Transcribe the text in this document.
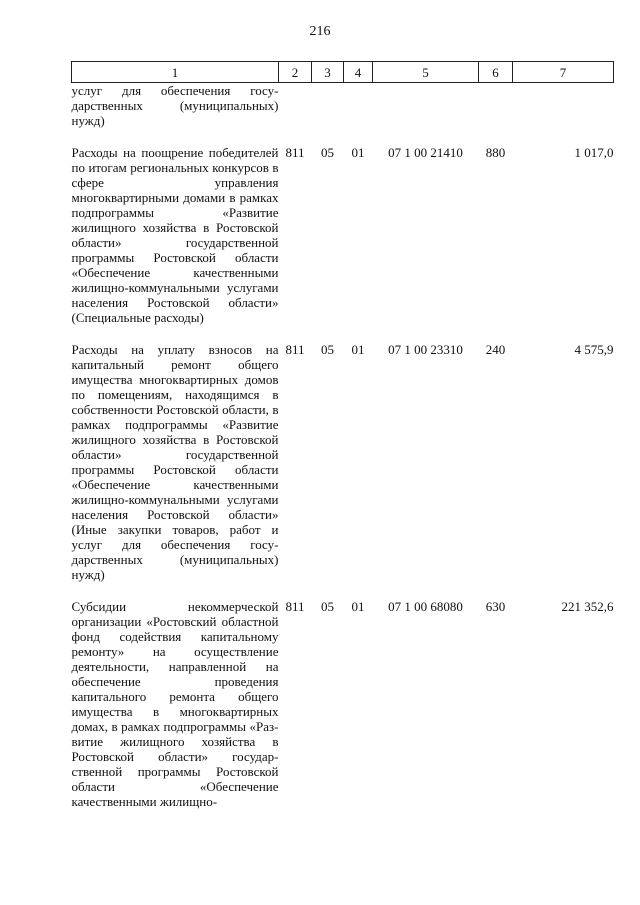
216
1	2	3	4	5	6	7
услуг для обеспечения государственных (муниципальных) нужд)						

Расходы на поощрение победителей по итогам региональных конкурсов в сфере управления многоквартирными домами в рамках подпрограммы «Развитие жилищного хозяйства в Ростовской области» государственной программы Ростовской области «Обеспечение качественными жилищно-коммунальными услугами населения Ростовской области» (Специальные расходы)	811	05	01	07 1 00 21410	880	1 017,0

Расходы на уплату взносов на капитальный ремонт общего имущества многоквартирных домов по помещениям, находящимся в собственности Ростовской области, в рамках подпрограммы «Развитие жилищного хозяйства в Ростовской области» государственной программы Ростовской области «Обеспечение качественными жилищно-коммунальными услугами населения Ростовской области» (Иные закупки товаров, работ и услуг для обеспечения государственных (муниципальных) нужд)	811	05	01	07 1 00 23310	240	4 575,9

Субсидии некоммерческой организации «Ростовский областной фонд содействия капитальному ремонту» на осуществление деятельности, направленной на обеспечение проведения капитального ремонта общего имущества в многоквартирных домах, в рамках подпрограммы «Развитие жилищного хозяйства в Ростовской области» государственной программы Ростовской области «Обеспечение качественными жилищно-	811	05	01	07 1 00 68080	630	221 352,6
